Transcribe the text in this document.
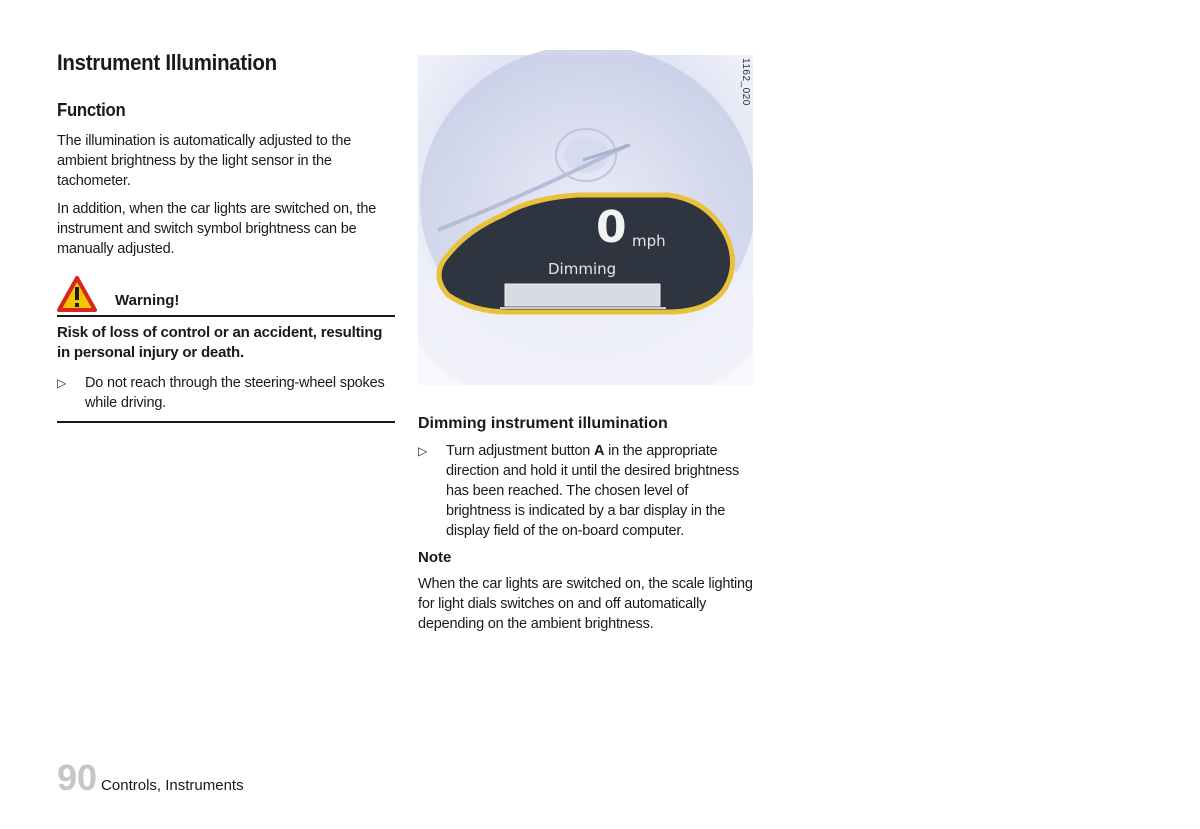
Instrument Illumination
Function

The illumination is automatically adjusted to the ambient brightness by the light sensor in the tachometer.

In addition, when the car lights are switched on, the instrument and switch symbol brightness can be manually adjusted.

Warning!
Risk of loss of control or an accident, resulting in personal injury or death.
▷	Do not reach through the steering-wheel spokes while driving.
1162_020
0 mph
Dimming
Dimming instrument illumination
▷	Turn adjustment button A in the appropriate direction and hold it until the desired brightness has been reached. The chosen level of brightness is indicated by a bar display in the display field of the on-board computer.
Note

When the car lights are switched on, the scale lighting for light dials switches on and off automatically depending on the ambient brightness.

90 Controls, Instruments
